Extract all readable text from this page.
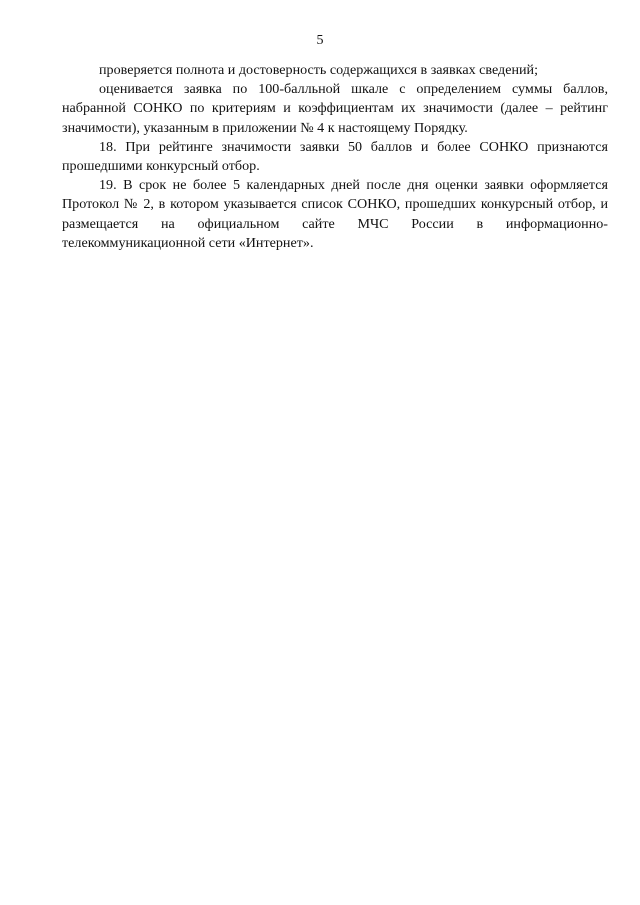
5

проверяется полнота и достоверность содержащихся в заявках сведений;

оценивается заявка по 100-балльной шкале с определением суммы баллов, набранной СОНКО по критериям и коэффициентам их значимости (далее – рейтинг значимости), указанным в приложении № 4 к настоящему Порядку.

18. При рейтинге значимости заявки 50 баллов и более СОНКО признаются прошедшими конкурсный отбор.

19. В срок не более 5 календарных дней после дня оценки заявки оформляется Протокол № 2, в котором указывается список СОНКО, прошедших конкурсный отбор, и размещается на официальном сайте МЧС России в информационно-телекоммуникационной сети «Интернет».
